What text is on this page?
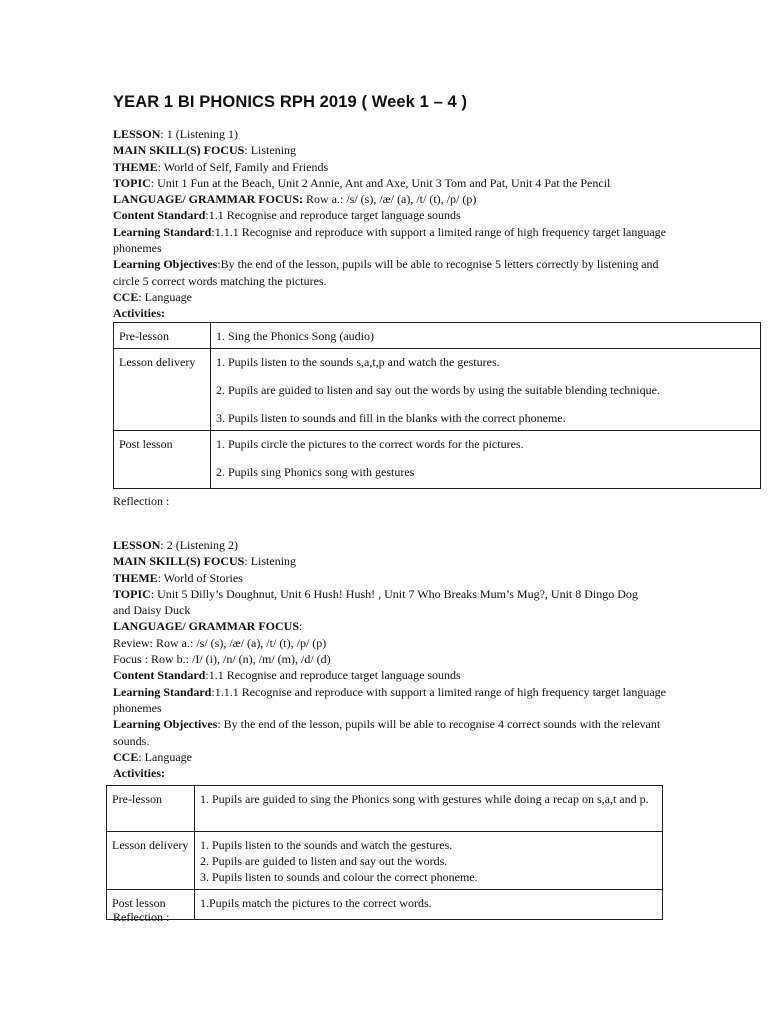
YEAR 1 BI PHONICS RPH 2019 ( Week 1 – 4 )
LESSON: 1 (Listening 1)
MAIN SKILL(S) FOCUS: Listening
THEME: World of Self, Family and Friends
TOPIC: Unit 1 Fun at the Beach, Unit 2 Annie, Ant and Axe, Unit 3 Tom and Pat, Unit 4 Pat the Pencil
LANGUAGE/ GRAMMAR FOCUS: Row a.: /s/ (s), /æ/ (a), /t/ (t), /p/ (p)
Content Standard:1.1 Recognise and reproduce target language sounds
Learning Standard:1.1.1 Recognise and reproduce with support a limited range of high frequency target language phonemes
Learning Objectives:By the end of the lesson, pupils will be able to recognise 5 letters correctly by listening and circle 5 correct words matching the pictures.
CCE: Language
Activities:
Pre-lesson	1. Sing the Phonics Song (audio)

Lesson delivery	1. Pupils listen to the sounds s,a,t,p and watch the gestures.

2. Pupils are guided to listen and say out the words by using the suitable blending technique.

3. Pupils listen to sounds and fill in the blanks with the correct phoneme.

Post lesson	1. Pupils circle the pictures to the correct words for the pictures.

2. Pupils sing Phonics song with gestures

Reflection :
LESSON: 2 (Listening 2)
MAIN SKILL(S) FOCUS: Listening
THEME: World of Stories
TOPIC: Unit 5 Dilly’s Doughnut, Unit 6 Hush! Hush! , Unit 7 Who Breaks Mum’s Mug?, Unit 8 Dingo Dog and Daisy Duck
LANGUAGE/ GRAMMAR FOCUS:
Review: Row a.: /s/ (s), /æ/ (a), /t/ (t), /p/ (p)
Focus : Row b.: /I/ (i), /n/ (n), /m/ (m), /d/ (d)
Content Standard:1.1 Recognise and reproduce target language sounds
Learning Standard:1.1.1 Recognise and reproduce with support a limited range of high frequency target language phonemes
Learning Objectives: By the end of the lesson, pupils will be able to recognise 4 correct sounds with the relevant sounds.
CCE: Language
Activities:
Pre-lesson	1. Pupils are guided to sing the Phonics song with gestures while doing a recap on s,a,t and p.

Lesson delivery	1. Pupils listen to the sounds and watch the gestures.

2. Pupils are guided to listen and say out the words.

3. Pupils listen to sounds and colour the correct phoneme.

Post lesson	1.Pupils match the pictures to the correct words.

Reflection :
